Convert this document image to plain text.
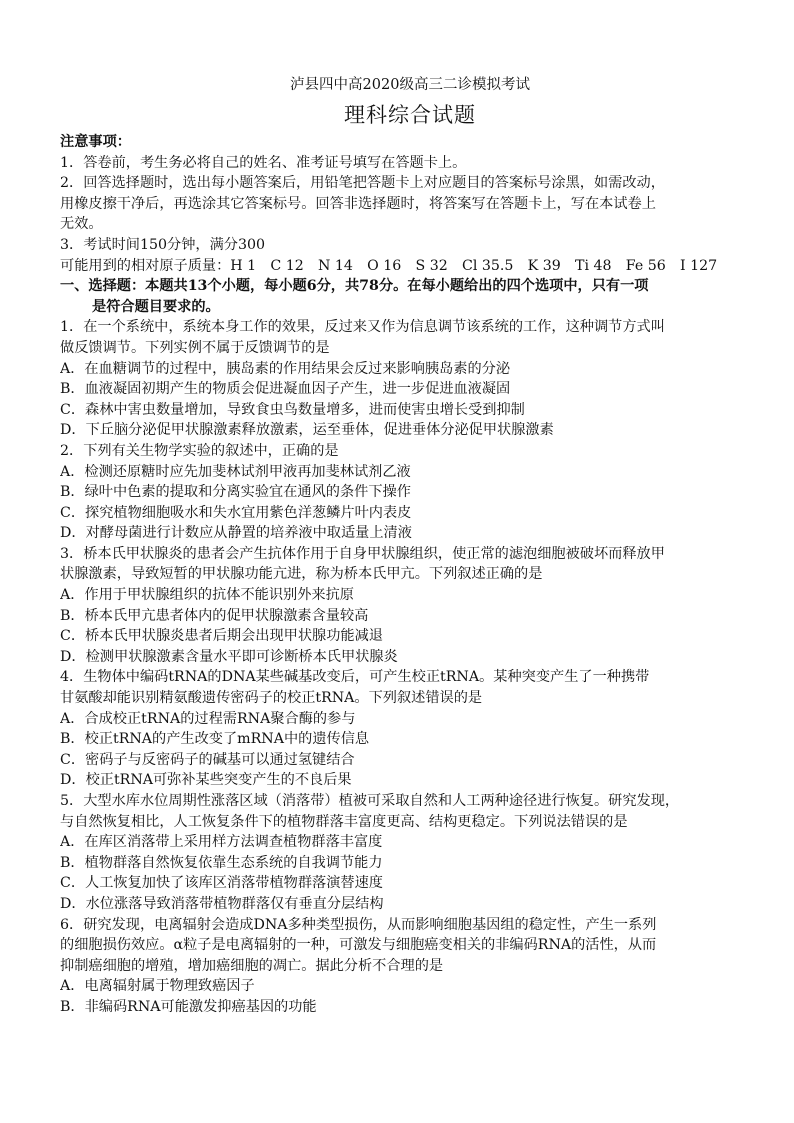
泸县四中高2020级高三二诊模拟考试
理科综合试题
注意事项：
1．答卷前，考生务必将自己的姓名、准考证号填写在答题卡上。
2．回答选择题时，选出每小题答案后，用铅笔把答题卡上对应题目的答案标号涂黑，如需改动，
用橡皮擦干净后，再选涂其它答案标号。回答非选择题时，将答案写在答题卡上，写在本试卷上
无效。
3．考试时间150分钟，满分300
可能用到的相对原子质量：H 1　C 12　N 14　O 16　S 32　Cl 35.5　K 39　Ti 48　Fe 56　I 127
一、选择题：本题共13个小题，每小题6分，共78分。在每小题给出的四个选项中，只有一项
是符合题目要求的。
1．在一个系统中，系统本身工作的效果，反过来又作为信息调节该系统的工作，这种调节方式叫
做反馈调节。下列实例不属于反馈调节的是
A．在血糖调节的过程中，胰岛素的作用结果会反过来影响胰岛素的分泌
B．血液凝固初期产生的物质会促进凝血因子产生，进一步促进血液凝固
C．森林中害虫数量增加，导致食虫鸟数量增多，进而使害虫增长受到抑制
D．下丘脑分泌促甲状腺激素释放激素，运至垂体，促进垂体分泌促甲状腺激素
2．下列有关生物学实验的叙述中，正确的是
A．检测还原糖时应先加斐林试剂甲液再加斐林试剂乙液
B．绿叶中色素的提取和分离实验宜在通风的条件下操作
C．探究植物细胞吸水和失水宜用紫色洋葱鳞片叶内表皮
D．对酵母菌进行计数应从静置的培养液中取适量上清液
3．桥本氏甲状腺炎的患者会产生抗体作用于自身甲状腺组织，使正常的滤泡细胞被破坏而释放甲
状腺激素，导致短暂的甲状腺功能亢进，称为桥本氏甲亢。下列叙述正确的是
A．作用于甲状腺组织的抗体不能识别外来抗原
B．桥本氏甲亢患者体内的促甲状腺激素含量较高
C．桥本氏甲状腺炎患者后期会出现甲状腺功能减退
D．检测甲状腺激素含量水平即可诊断桥本氏甲状腺炎
4．生物体中编码tRNA的DNA某些碱基改变后，可产生校正tRNA。某种突变产生了一种携带
甘氨酸却能识别精氨酸遗传密码子的校正tRNA。下列叙述错误的是
A．合成校正tRNA的过程需RNA聚合酶的参与
B．校正tRNA的产生改变了mRNA中的遗传信息
C．密码子与反密码子的碱基可以通过氢键结合
D．校正tRNA可弥补某些突变产生的不良后果
5．大型水库水位周期性涨落区域（消落带）植被可采取自然和人工两种途径进行恢复。研究发现，
与自然恢复相比，人工恢复条件下的植物群落丰富度更高、结构更稳定。下列说法错误的是
A．在库区消落带上采用样方法调查植物群落丰富度
B．植物群落自然恢复依靠生态系统的自我调节能力
C．人工恢复加快了该库区消落带植物群落演替速度
D．水位涨落导致消落带植物群落仅有垂直分层结构
6．研究发现，电离辐射会造成DNA多种类型损伤，从而影响细胞基因组的稳定性，产生一系列
的细胞损伤效应。α粒子是电离辐射的一种，可激发与细胞癌变相关的非编码RNA的活性，从而
抑制癌细胞的增殖，增加癌细胞的凋亡。据此分析不合理的是
A．电离辐射属于物理致癌因子
B．非编码RNA可能激发抑癌基因的功能
